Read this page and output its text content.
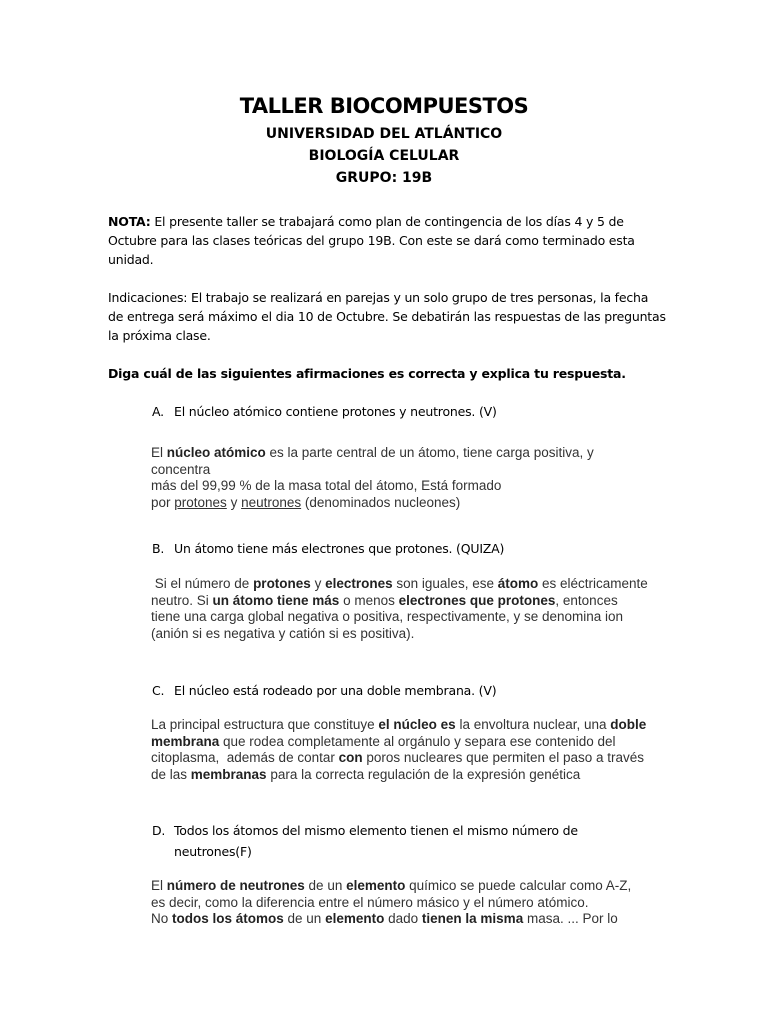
TALLER BIOCOMPUESTOS
UNIVERSIDAD DEL ATLÁNTICO
BIOLOGÍA CELULAR
GRUPO: 19B
NOTA: El presente taller se trabajará como plan de contingencia de los días 4 y 5 de
Octubre para las clases teóricas del grupo 19B. Con este se dará como terminado esta
unidad.
Indicaciones: El trabajo se realizará en parejas y un solo grupo de tres personas, la fecha
de entrega será máximo el dia 10 de Octubre. Se debatirán las respuestas de las preguntas
la próxima clase.
Diga cuál de las siguientes afirmaciones es correcta y explica tu respuesta.
A. El núcleo atómico contiene protones y neutrones. (V)
El núcleo atómico es la parte central de un átomo, tiene carga positiva, y concentra
más del 99,99 % de la masa total del átomo, Está formado
por protones y neutrones (denominados nucleones)
B. Un átomo tiene más electrones que protones. (QUIZA)
Si el número de protones y electrones son iguales, ese átomo es eléctricamente
neutro. Si un átomo tiene más o menos electrones que protones, entonces
tiene una carga global negativa o positiva, respectivamente, y se denomina ion
(anión si es negativa y catión si es positiva).
C. El núcleo está rodeado por una doble membrana. (V)
La principal estructura que constituye el núcleo es la envoltura nuclear, una doble
membrana que rodea completamente al orgánulo y separa ese contenido del
citoplasma,  además de contar con poros nucleares que permiten el paso a través
de las membranas para la correcta regulación de la expresión genética
D. Todos los átomos del mismo elemento tienen el mismo número de
neutrones(F)
El número de neutrones de un elemento químico se puede calcular como A-Z,
es decir, como la diferencia entre el número másico y el número atómico.
No todos los átomos de un elemento dado tienen la misma masa. ... Por lo
